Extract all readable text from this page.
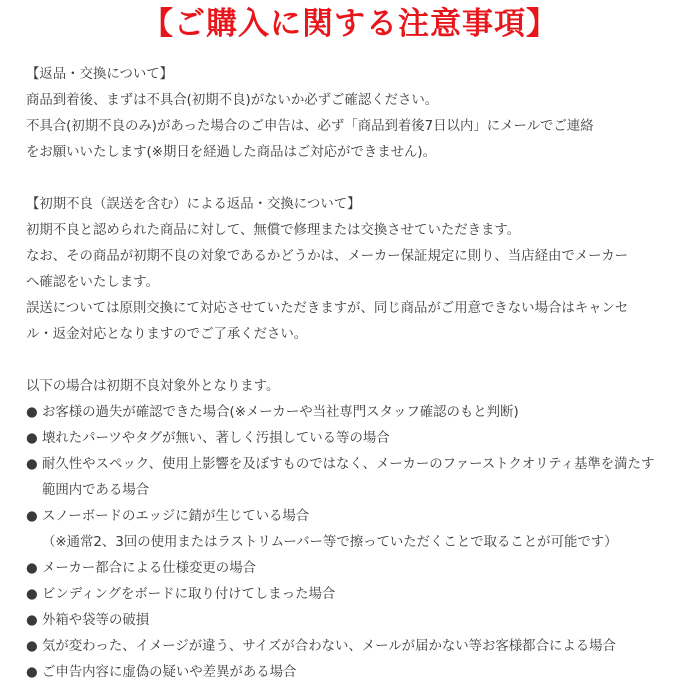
【ご購入に関する注意事項】
【返品・交換について】
商品到着後、まずは不具合(初期不良)がないか必ずご確認ください。
不具合(初期不良のみ)があった場合のご申告は、必ず「商品到着後7日以内」にメールでご連絡
をお願いいたします(※期日を経過した商品はご対応ができません)。
【初期不良（誤送を含む）による返品・交換について】
初期不良と認められた商品に対して、無償で修理または交換させていただきます。
なお、その商品が初期不良の対象であるかどうかは、メーカー保証規定に則り、当店経由でメーカー
へ確認をいたします。
誤送については原則交換にて対応させていただきますが、同じ商品がご用意できない場合はキャンセ
ル・返金対応となりますのでご了承ください。
以下の場合は初期不良対象外となります。
● お客様の過失が確認できた場合(※メーカーや当社専門スタッフ確認のもと判断)
● 壊れたパーツやタグが無い、著しく汚損している等の場合
● 耐久性やスペック、使用上影響を及ぼすものではなく、メーカーのファーストクオリティ基準を満たす
範囲内である場合
● スノーボードのエッジに錆が生じている場合
（※通常2、3回の使用またはラストリムーバー等で擦っていただくことで取ることが可能です）
● メーカー都合による仕様変更の場合
● ビンディングをボードに取り付けてしまった場合
● 外箱や袋等の破損
● 気が変わった、イメージが違う、サイズが合わない、メールが届かない等お客様都合による場合
● ご申告内容に虚偽の疑いや差異がある場合
